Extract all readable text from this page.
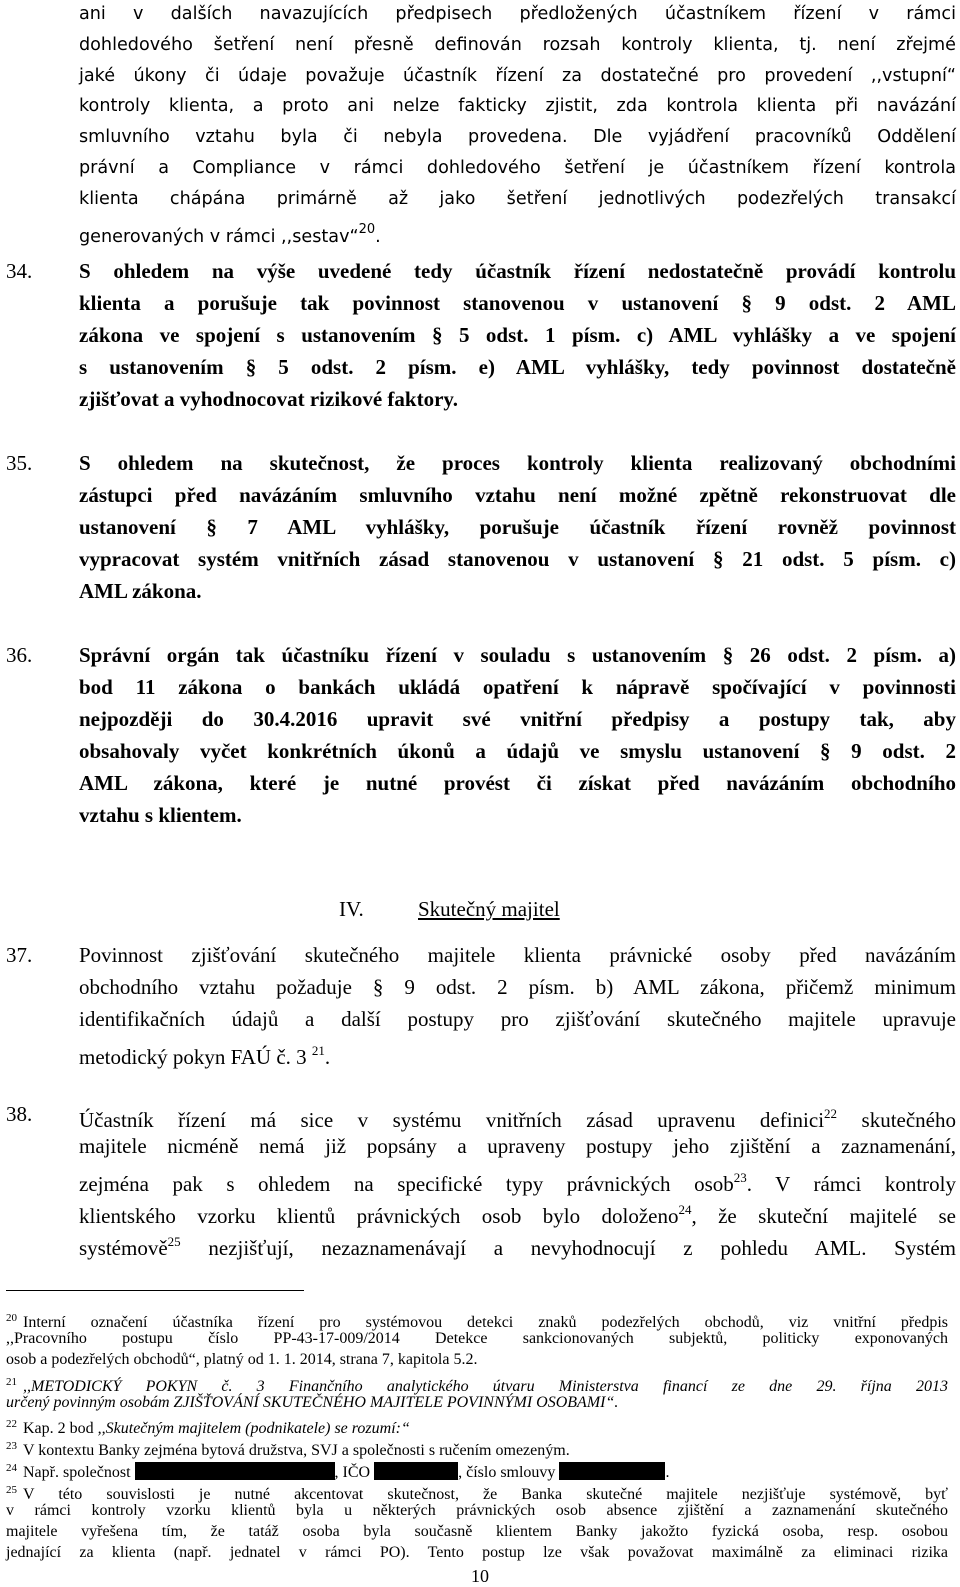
ani v dalších navazujících předpisech předložených účastníkem řízení v rámci
dohledového šetření není přesně definován rozsah kontroly klienta, tj. není zřejmé
jaké úkony či údaje považuje účastník řízení za dostatečné pro provedení ,,vstupní“
kontroly klienta, a proto ani nelze fakticky zjistit, zda kontrola klienta při navázání
smluvního vztahu byla či nebyla provedena. Dle vyjádření pracovníků Oddělení
právní a Compliance v rámci dohledového šetření je účastníkem řízení kontrola
klienta chápána primárně až jako šetření jednotlivých podezřelých transakcí
generovaných v rámci ,,sestav“$^{20}$.
34. S ohledem na výše uvedené tedy účastník řízení nedostatečně provádí kontrolu
klienta a porušuje tak povinnost stanovenou v ustanovení § 9 odst. 2 AML
zákona ve spojení s ustanovením § 5 odst. 1 písm. c) AML vyhlášky a ve spojení
s ustanovením § 5 odst. 2 písm. e) AML vyhlášky, tedy povinnost dostatečně
zjišťovat a vyhodnocovat rizikové faktory.
35. S ohledem na skutečnost, že proces kontroly klienta realizovaný obchodními
zástupci před navázáním smluvního vztahu není možné zpětně rekonstruovat dle
ustanovení § 7 AML vyhlášky, porušuje účastník řízení rovněž povinnost
vypracovat systém vnitřních zásad stanovenou v ustanovení § 21 odst. 5 písm. c)
AML zákona.
36. Správní orgán tak účastníku řízení v souladu s ustanovením § 26 odst. 2 písm. a)
bod 11 zákona o bankách ukládá opatření k nápravě spočívající v povinnosti
nejpozději do 30.4.2016 upravit své vnitřní předpisy a postupy tak, aby
obsahovaly vyčet konkrétních úkonů a údajů ve smyslu ustanovení § 9 odst. 2
AML zákona, které je nutné provést či získat před navázáním obchodního
vztahu s klientem.
IV.	Skutečný majitel
37. Povinnost zjišťování skutečného majitele klienta právnické osoby před navázáním
obchodního vztahu požaduje § 9 odst. 2 písm. b) AML zákona, přičemž minimum
identifikačních údajů a další postupy pro zjišťování skutečného majitele upravuje
metodický pokyn FAÚ č. 3 $^{21}$.
38. Účastník řízení má sice v systému vnitřních zásad upravenu definici$^{22}$ skutečného
majitele nicméně nemá již popsány a upraveny postupy jeho zjištění a zaznamenání,
zejména pak s ohledem na specifické typy právnických osob$^{23}$. V rámci kontroly
klientského vzorku klientů právnických osob bylo doloženo$^{24}$, že skuteční majitelé se
systémově$^{25}$ nezjišťují, nezaznamenávají a nevyhodnocují z pohledu AML. Systém
$^{20}$ Interní označení účastníka řízení pro systémovou detekci znaků podezřelých obchodů, viz vnitřní předpis
,,Pracovního postupu číslo PP-43-17-009/2014 Detekce sankcionovaných subjektů, politicky exponovaných
osob a podezřelých obchodů“, platný od 1. 1. 2014, strana 7, kapitola 5.2.
$^{21}$ ,,METODICKÝ POKYN č. 3 Finančního analytického útvaru Ministerstva financí ze dne 29. října 2013
určený povinným osobám ZJIŠŤOVÁNÍ SKUTEČNÉHO MAJITELE POVINNÝMI OSOBAMI“.
$^{22}$ Kap. 2 bod ,,Skutečným majitelem (podnikatele) se rozumí:“
$^{23}$ V kontextu Banky zejména bytová družstva, SVJ a společnosti s ručením omezeným.
$^{24}$ Např. společnost	, IČO	, číslo smlouvy	.
$^{25}$ V této souvislosti je nutné akcentovat skutečnost, že Banka skutečné majitele nezjišťuje systémově, byť
v rámci kontroly vzorku klientů byla u některých právnických osob absence zjištění a zaznamenání skutečného
majitele vyřešena tím, že tatáž osoba byla současně klientem Banky jakožto fyzická osoba, resp. osobou
jednající za klienta (např. jednatel v rámci PO). Tento postup lze však považovat maximálně za eliminaci rizika
10
